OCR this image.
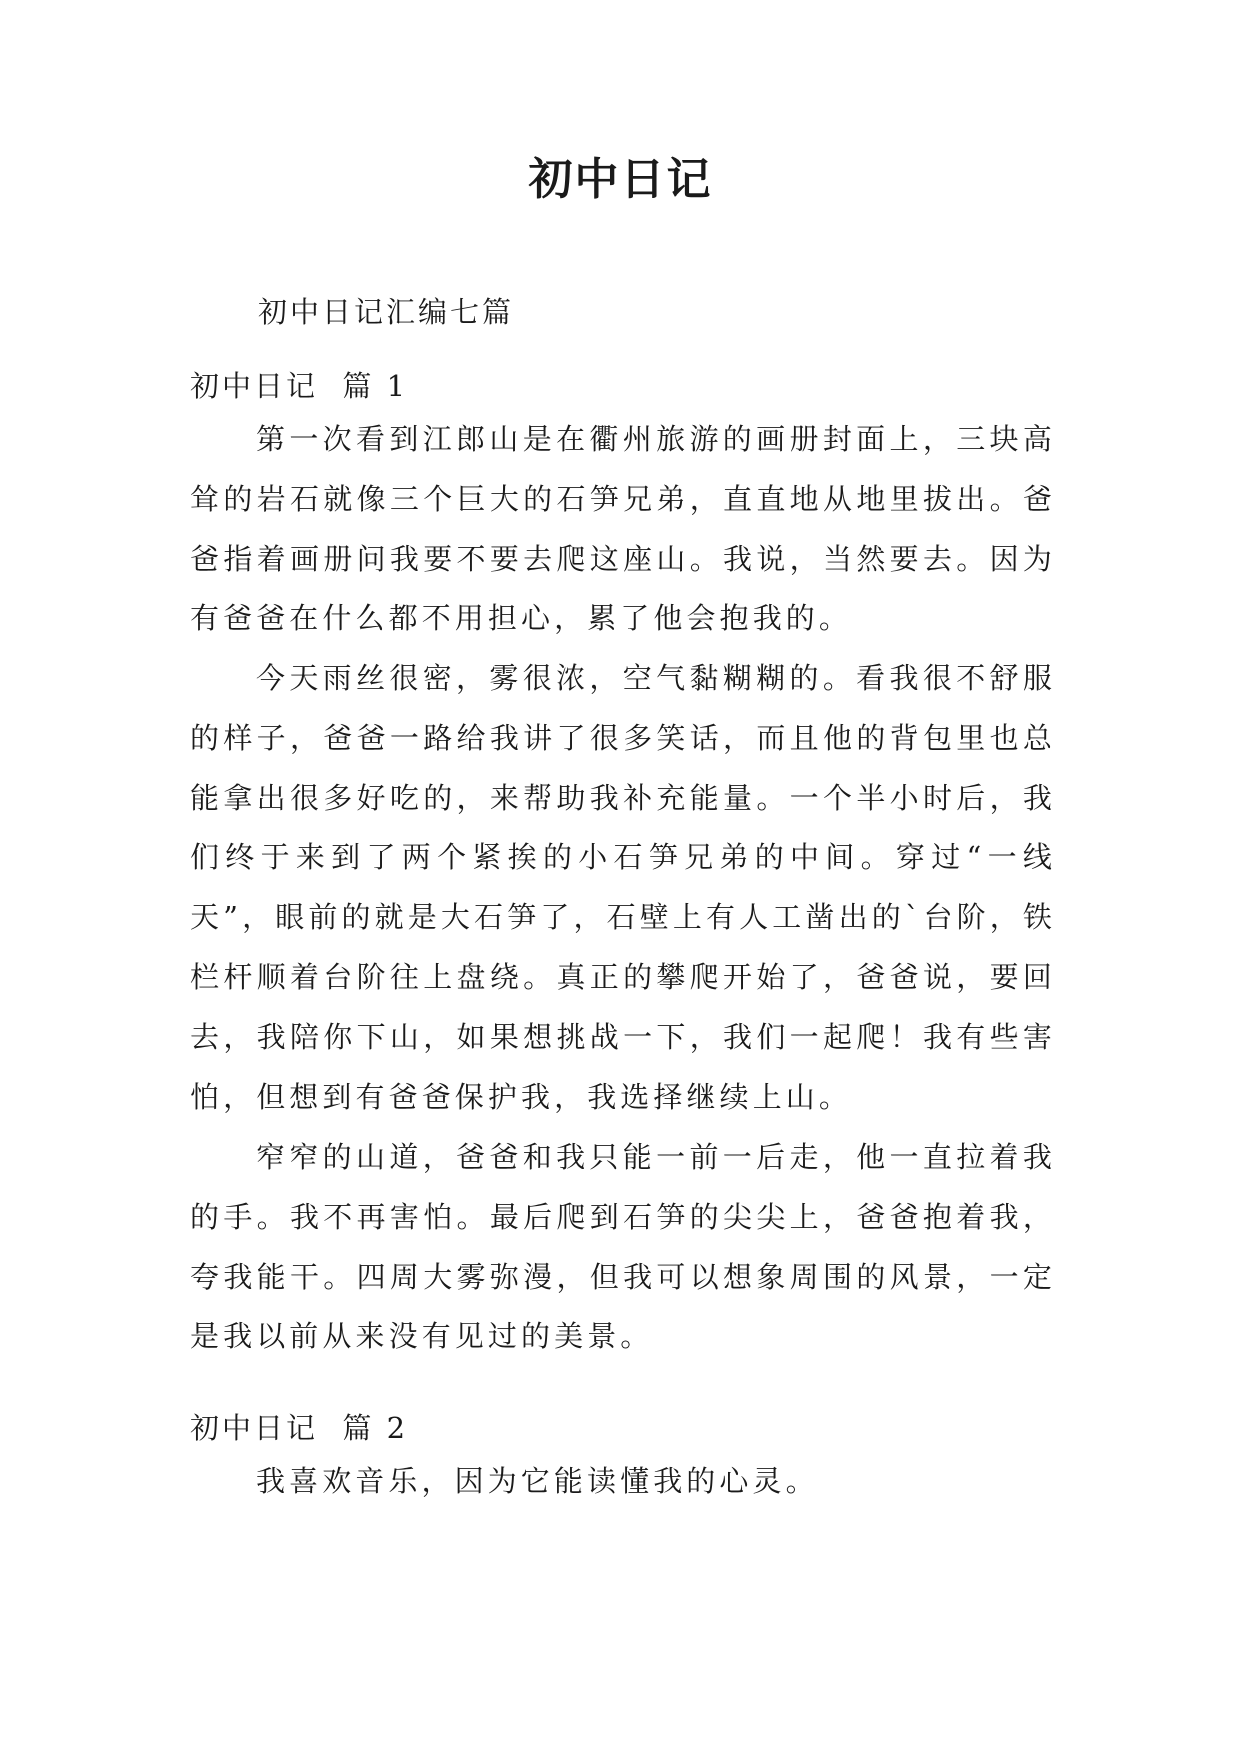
初中日记
初中日记汇编七篇
初中日记  篇 1

第一次看到江郎山是在衢州旅游的画册封面上，三块高耸的岩石就像三个巨大的石笋兄弟，直直地从地里拔出。爸爸指着画册问我要不要去爬这座山。我说，当然要去。因为有爸爸在什么都不用担心，累了他会抱我的。

今天雨丝很密，雾很浓，空气黏糊糊的。看我很不舒服的样子，爸爸一路给我讲了很多笑话，而且他的背包里也总能拿出很多好吃的，来帮助我补充能量。一个半小时后，我们终于来到了两个紧挨的小石笋兄弟的中间。穿过“一线天”，眼前的就是大石笋了，石壁上有人工凿出的`台阶，铁栏杆顺着台阶往上盘绕。真正的攀爬开始了，爸爸说，要回去，我陪你下山，如果想挑战一下，我们一起爬！我有些害怕，但想到有爸爸保护我，我选择继续上山。

窄窄的山道，爸爸和我只能一前一后走，他一直拉着我的手。我不再害怕。最后爬到石笋的尖尖上，爸爸抱着我，夸我能干。四周大雾弥漫，但我可以想象周围的风景，一定是我以前从来没有见过的美景。

初中日记  篇 2

我喜欢音乐，因为它能读懂我的心灵。
